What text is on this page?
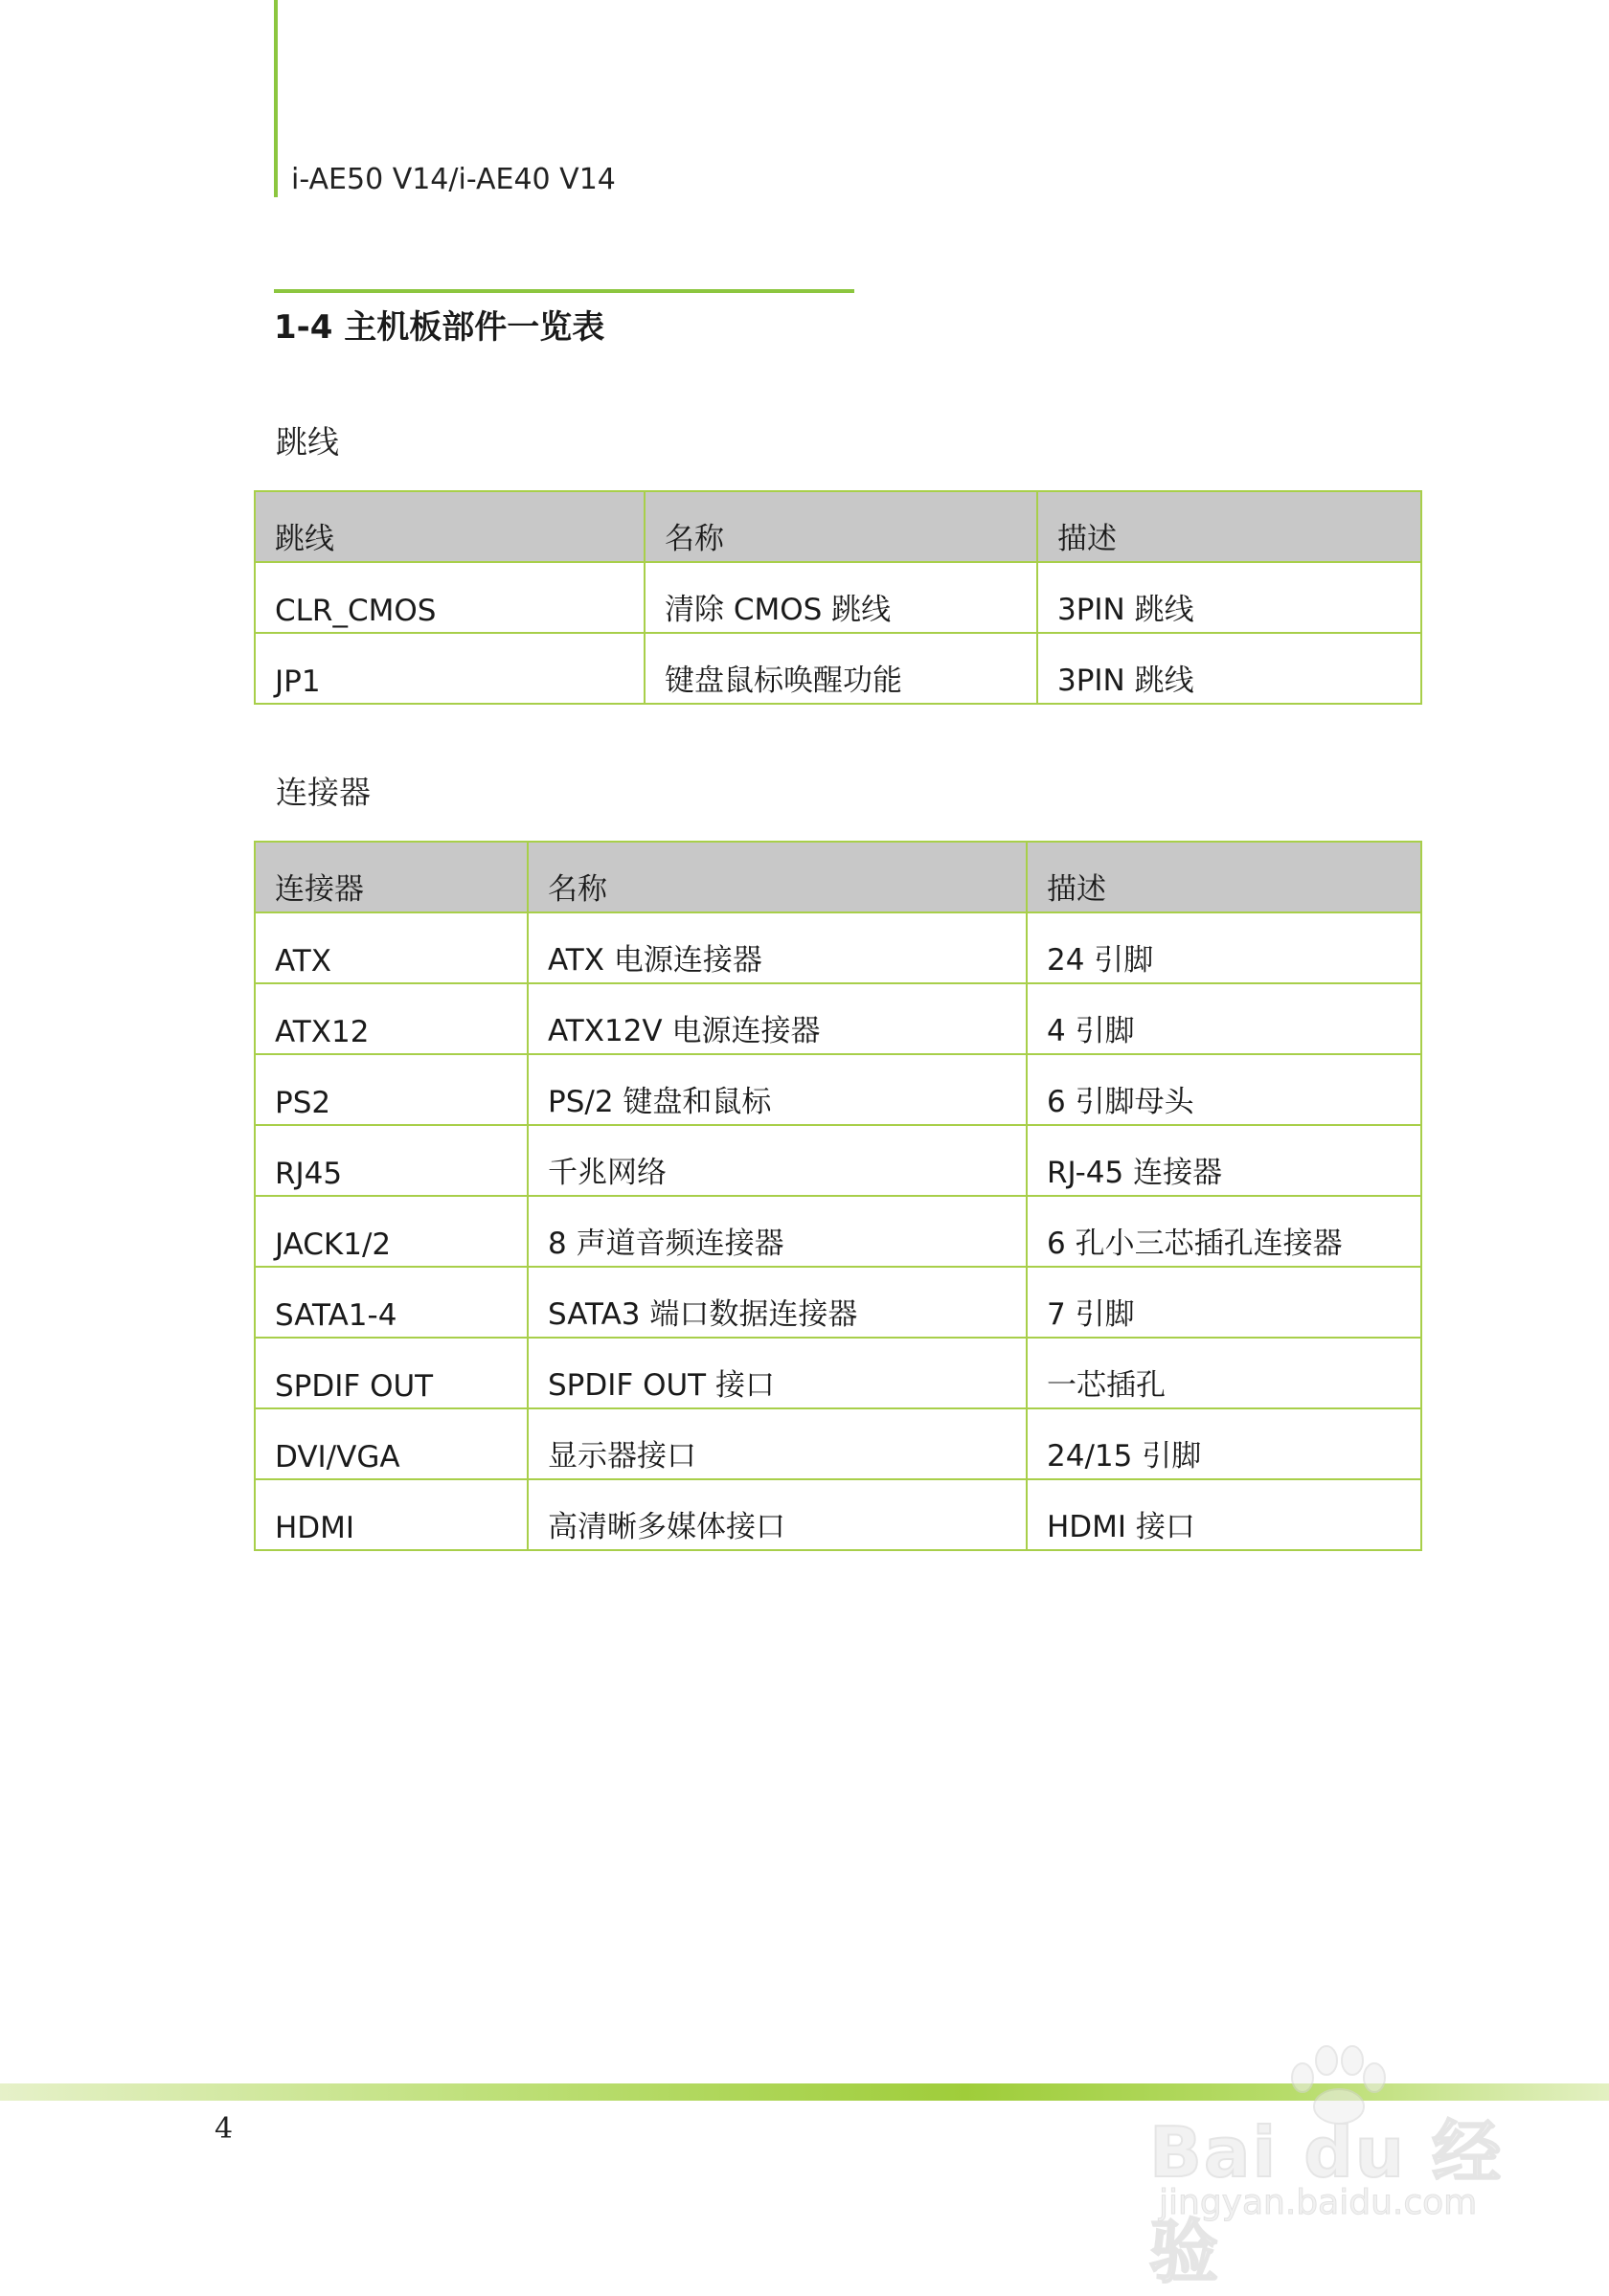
i-AE50 V14/i-AE40 V14
1-4 主机板部件一览表
跳线
跳线	名称	描述
CLR_CMOS	清除 CMOS 跳线	3PIN 跳线
JP1	键盘鼠标唤醒功能	3PIN 跳线
连接器
连接器	名称	描述
ATX	ATX 电源连接器	24 引脚
ATX12	ATX12V 电源连接器	4 引脚
PS2	PS/2 键盘和鼠标	6 引脚母头
RJ45	千兆网络	RJ-45 连接器
JACK1/2	8 声道音频连接器	6 孔小三芯插孔连接器
SATA1-4	SATA3 端口数据连接器	7 引脚
SPDIF OUT	SPDIF OUT 接口	一芯插孔
DVI/VGA	显示器接口	24/15 引脚
HDMI	高清晰多媒体接口	HDMI 接口
4	Bai du 经验
jingyan.baidu.com
